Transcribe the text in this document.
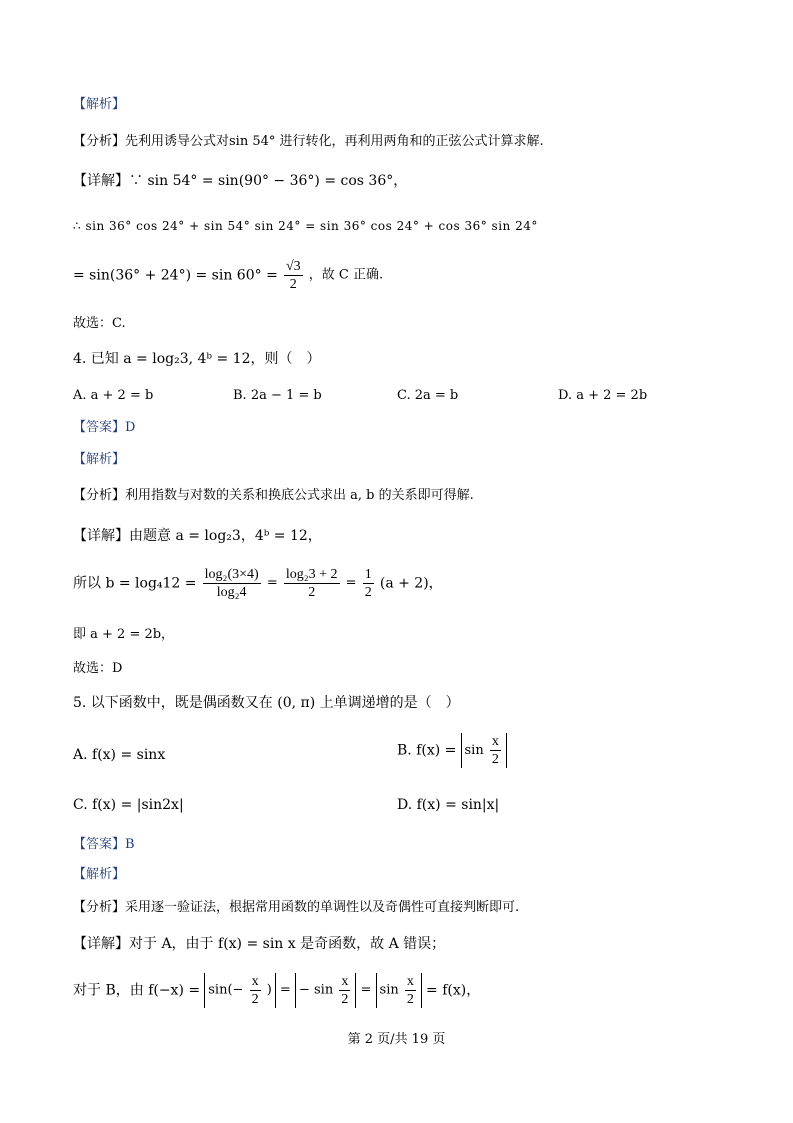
【解析】
【分析】先利用诱导公式对sin 54° 进行转化，再利用两角和的正弦公式计算求解.
【详解】∵ sin 54° = sin(90° − 36°) = cos 36°，
∴ sin 36° cos 24° + sin 54° sin 24° = sin 36° cos 24° + cos 36° sin 24°
= $\sin(36^\circ + 24^\circ) = \sin 60^\circ = \frac{√3}{2}$ ，故 C 正确.
故选：C.
4. 已知 a = log₂3, 4ᵇ = 12，则（　）
A. a + 2 = b	B. 2a − 1 = b	C. 2a = b	D. a + 2 = 2b
【答案】D
【解析】
【分析】利用指数与对数的关系和换底公式求出 a, b 的关系即可得解.
【详解】由题意 a = log₂3，4ᵇ = 12，
所以 $b = \log_412 = \frac{\text{log₂(3×4)}}{\text{log₂4}} = \frac{\text{log₂3 + 2}}{2} = \frac{1}{2} (a + 2)$，
即 a + 2 = 2b，
故选：D
5. 以下函数中，既是偶函数又在 (0, π) 上单调递增的是（　）
A. f(x) = sinx	B. $f(x) = \sin \frac{x}{2}$
C. f(x) = |sin2x|	D. f(x) = sin|x|
【答案】B
【解析】
【分析】采用逐一验证法，根据常用函数的单调性以及奇偶性可直接判断即可.
【详解】对于 A，由于 f(x) = sin x 是奇函数，故 A 错误；
对于 B，由 $f(-x) = \sin(- \frac{x}{2}$ ) = − $\sin \frac{x}{2} = \sin \frac{x}{2} = f(x)$，
第 2 页/共 19 页
